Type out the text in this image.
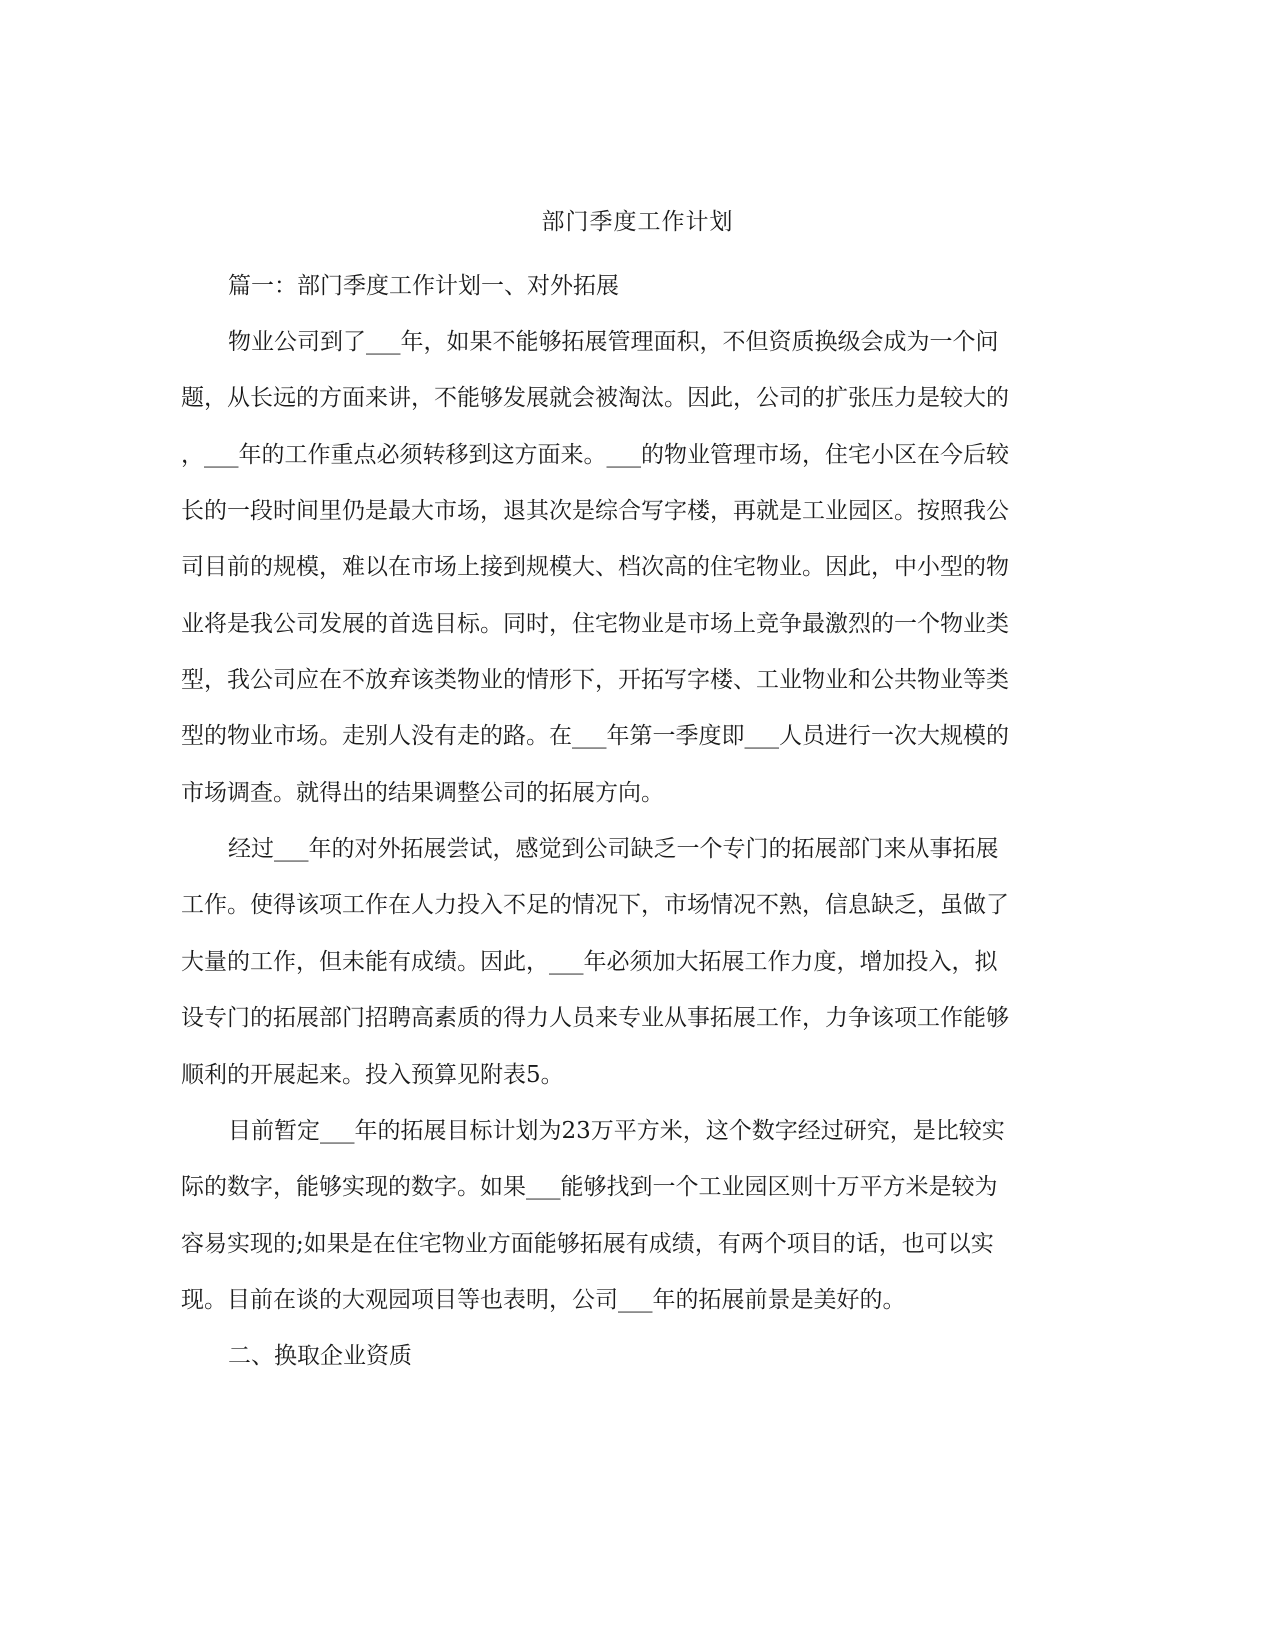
部门季度工作计划
篇一：部门季度工作计划一、对外拓展
物业公司到了___年，如果不能够拓展管理面积，不但资质换级会成为一个问
题，从长远的方面来讲，不能够发展就会被淘汰。因此，公司的扩张压力是较大的
，___年的工作重点必须转移到这方面来。___的物业管理市场，住宅小区在今后较
长的一段时间里仍是最大市场，退其次是综合写字楼，再就是工业园区。按照我公
司目前的规模，难以在市场上接到规模大、档次高的住宅物业。因此，中小型的物
业将是我公司发展的首选目标。同时，住宅物业是市场上竞争最激烈的一个物业类
型，我公司应在不放弃该类物业的情形下，开拓写字楼、工业物业和公共物业等类
型的物业市场。走别人没有走的路。在___年第一季度即___人员进行一次大规模的
市场调查。就得出的结果调整公司的拓展方向。
经过___年的对外拓展尝试，感觉到公司缺乏一个专门的拓展部门来从事拓展
工作。使得该项工作在人力投入不足的情况下，市场情况不熟，信息缺乏，虽做了
大量的工作，但未能有成绩。因此，___年必须加大拓展工作力度，增加投入，拟
设专门的拓展部门招聘高素质的得力人员来专业从事拓展工作，力争该项工作能够
顺利的开展起来。投入预算见附表5。
目前暂定___年的拓展目标计划为23万平方米，这个数字经过研究，是比较实
际的数字，能够实现的数字。如果___能够找到一个工业园区则十万平方米是较为
容易实现的;如果是在住宅物业方面能够拓展有成绩，有两个项目的话，也可以实
现。目前在谈的大观园项目等也表明，公司___年的拓展前景是美好的。
二、换取企业资质
